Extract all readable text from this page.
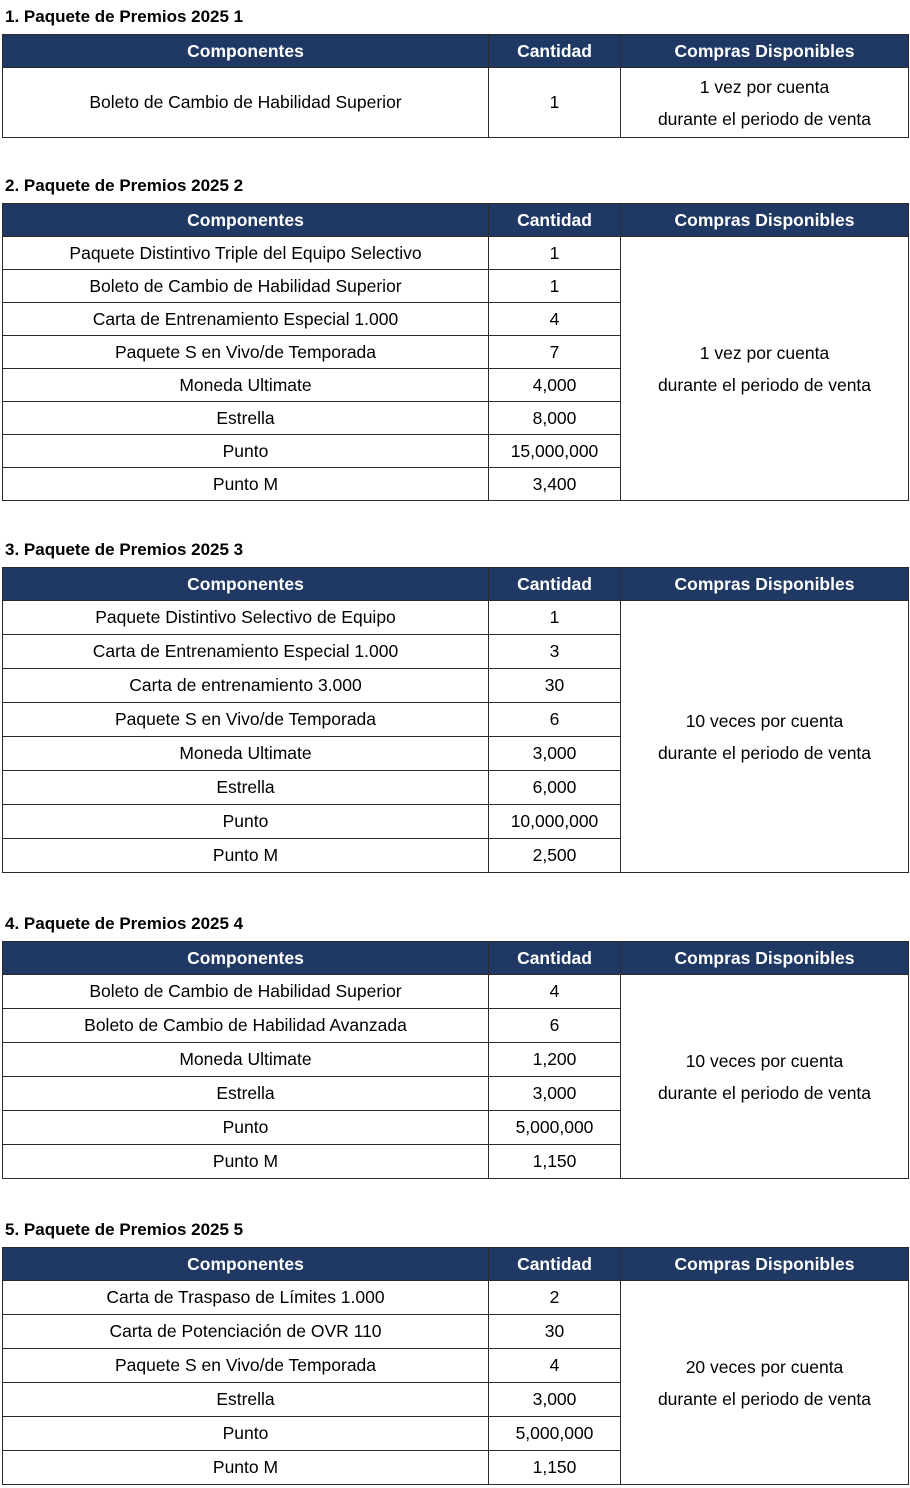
1. Paquete de Premios 2025 1
Componentes	Cantidad	Compras Disponibles
Boleto de Cambio de Habilidad Superior	1	1 vez por cuenta
durante el periodo de venta
2. Paquete de Premios 2025 2
Componentes	Cantidad	Compras Disponibles
Paquete Distintivo Triple del Equipo Selectivo	1	1 vez por cuenta
durante el periodo de venta

Boleto de Cambio de Habilidad Superior	1	
Carta de Entrenamiento Especial 1.000	4	
Paquete S en Vivo/de Temporada	7	
Moneda Ultimate	4,000	
Estrella	8,000	
Punto	15,000,000	
Punto M	3,400	
3. Paquete de Premios 2025 3
Componentes	Cantidad	Compras Disponibles
Paquete Distintivo Selectivo de Equipo	1	10 veces por cuenta
durante el periodo de venta

Carta de Entrenamiento Especial 1.000	3	
Carta de entrenamiento 3.000	30	
Paquete S en Vivo/de Temporada	6	
Moneda Ultimate	3,000	
Estrella	6,000	
Punto	10,000,000	
Punto M	2,500	
4. Paquete de Premios 2025 4
Componentes	Cantidad	Compras Disponibles
Boleto de Cambio de Habilidad Superior	4	10 veces por cuenta
durante el periodo de venta

Boleto de Cambio de Habilidad Avanzada	6	
Moneda Ultimate	1,200	
Estrella	3,000	
Punto	5,000,000	
Punto M	1,150	
5. Paquete de Premios 2025 5
Componentes	Cantidad	Compras Disponibles
Carta de Traspaso de Límites 1.000	2	20 veces por cuenta
durante el periodo de venta

Carta de Potenciación de OVR 110	30	
Paquete S en Vivo/de Temporada	4	
Estrella	3,000	
Punto	5,000,000	
Punto M	1,150	
